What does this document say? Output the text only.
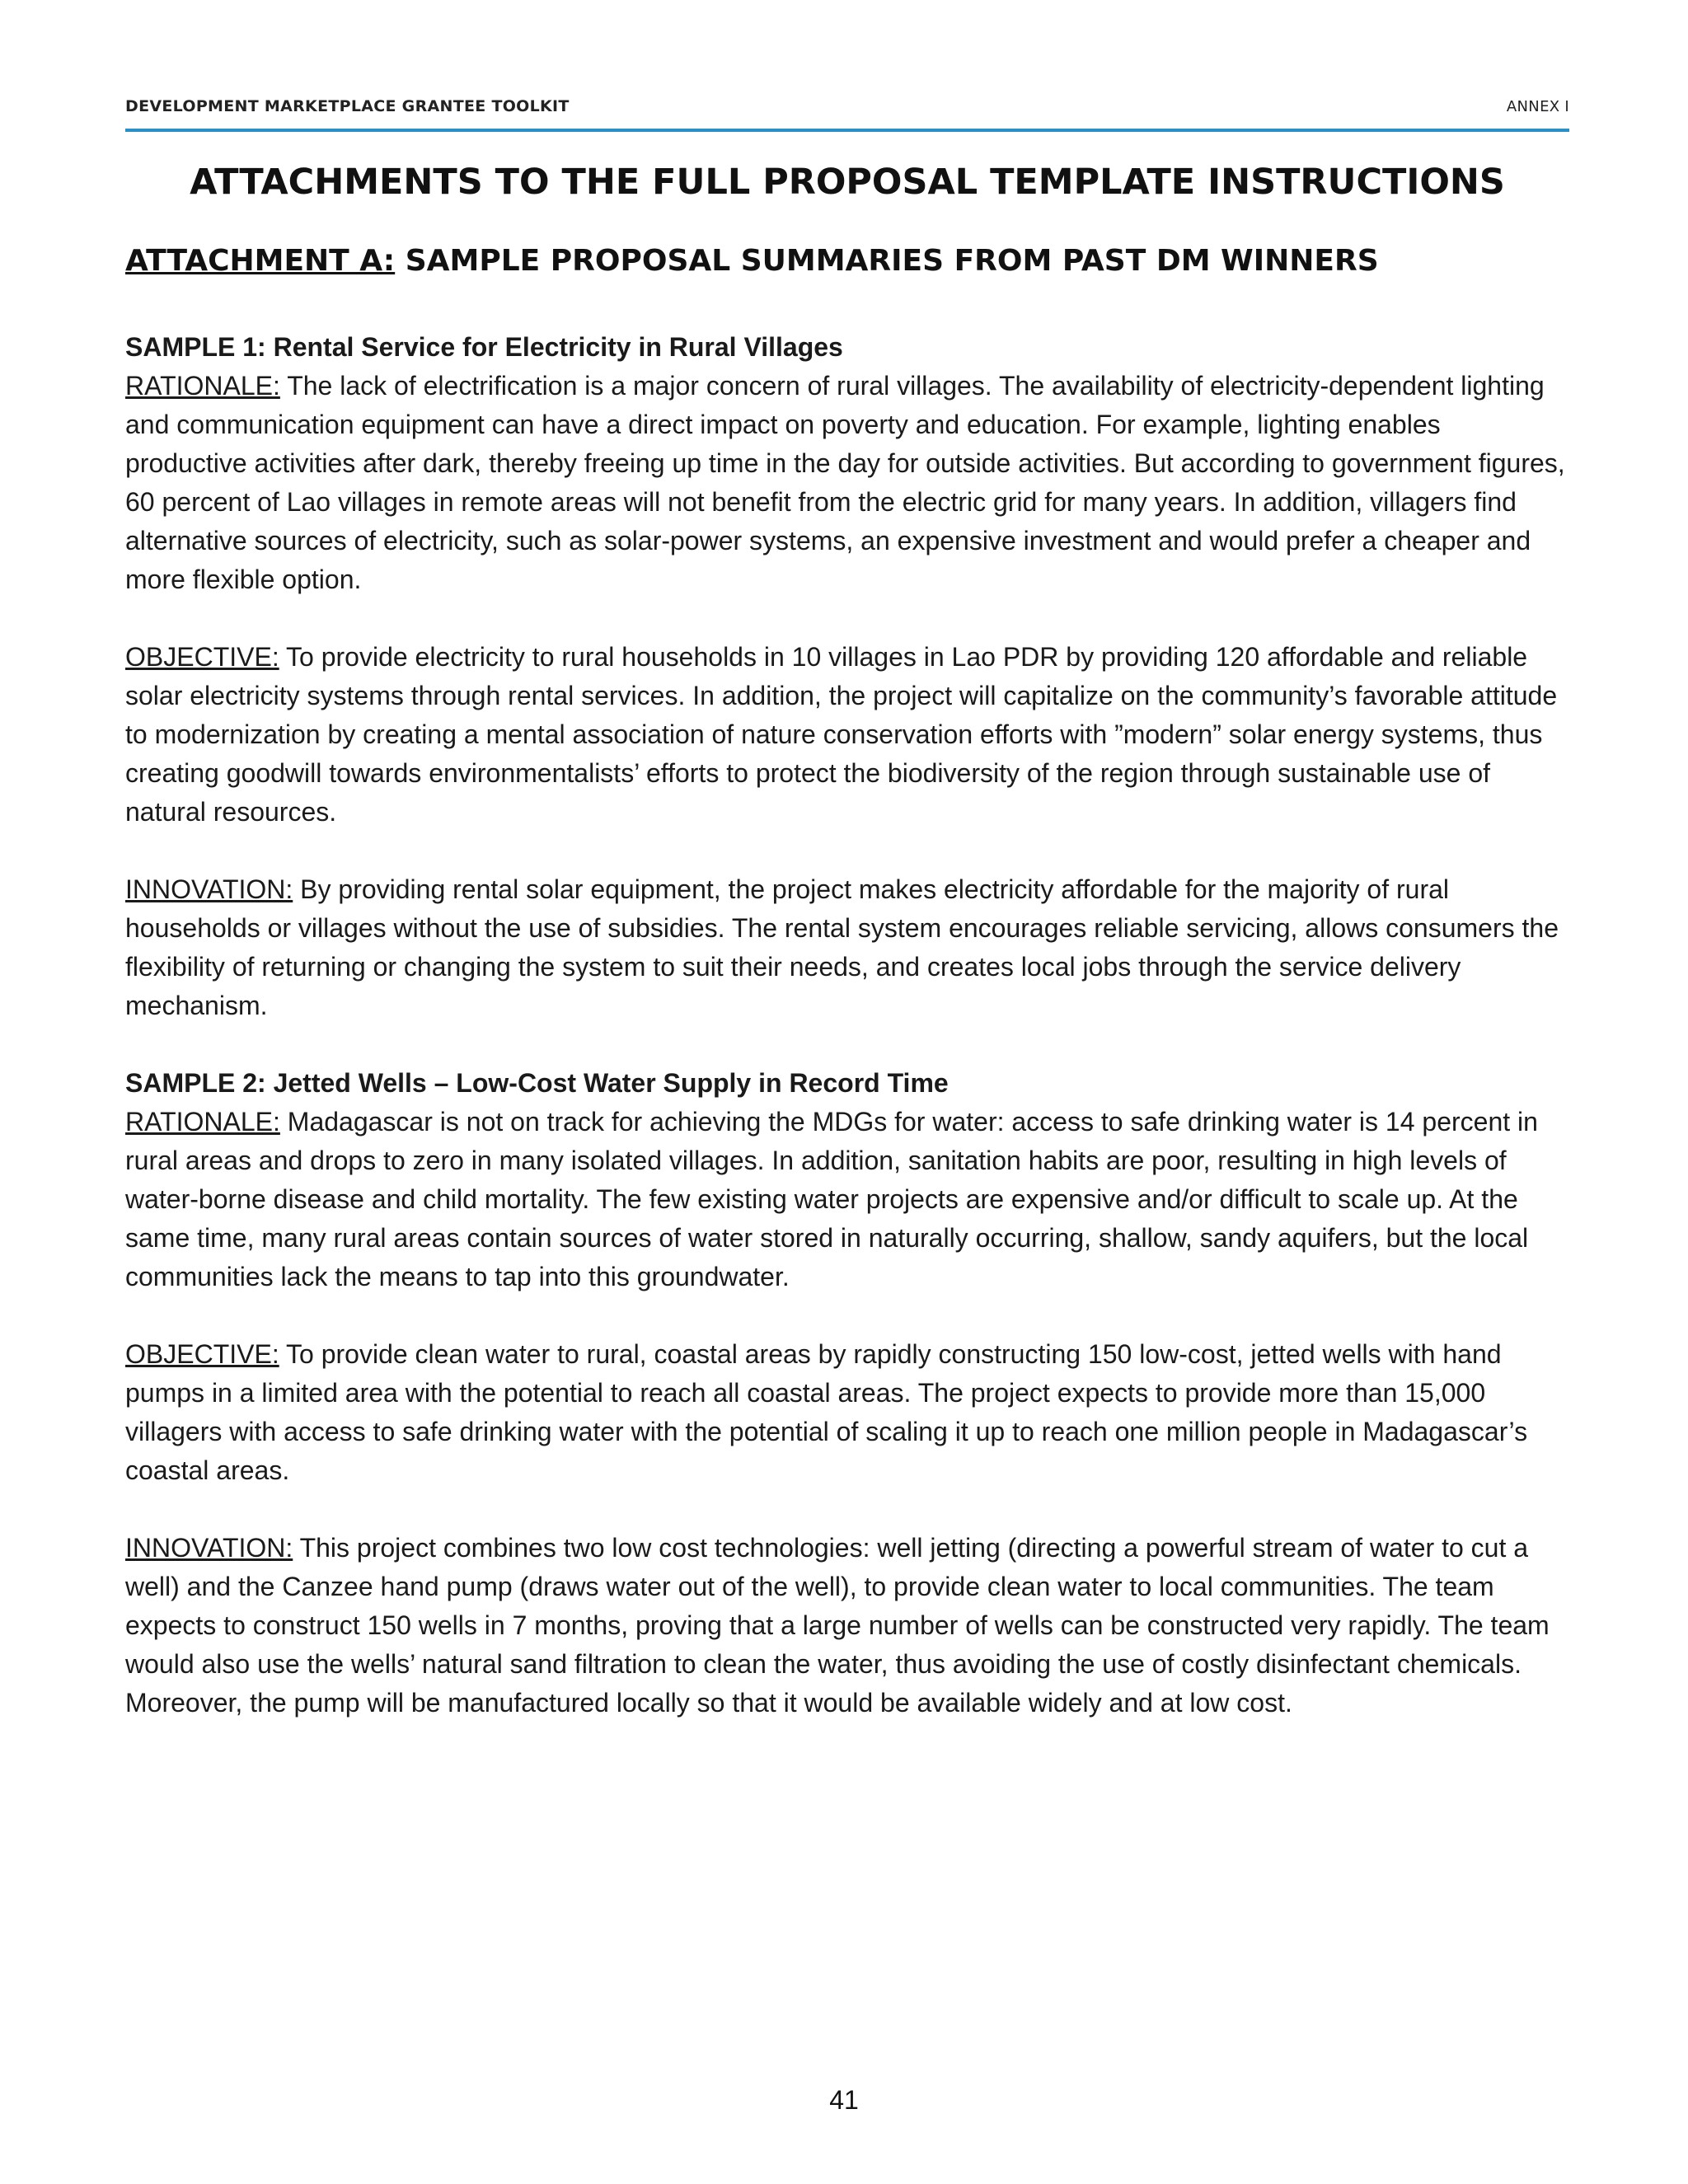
DEVELOPMENT MARKETPLACE GRANTEE TOOLKIT	ANNEX I
ATTACHMENTS TO THE FULL PROPOSAL TEMPLATE INSTRUCTIONS
ATTACHMENT A: SAMPLE PROPOSAL SUMMARIES FROM PAST DM WINNERS

SAMPLE 1: Rental Service for Electricity in Rural Villages

RATIONALE: The lack of electrification is a major concern of rural villages. The availability of electricity-dependent lighting and communication equipment can have a direct impact on poverty and education. For example, lighting enables productive activities after dark, thereby freeing up time in the day for outside activities. But according to government figures, 60 percent of Lao villages in remote areas will not benefit from the electric grid for many years. In addition, villagers find alternative sources of electricity, such as solar-power systems, an expensive investment and would prefer a cheaper and more flexible option.

OBJECTIVE: To provide electricity to rural households in 10 villages in Lao PDR by providing 120 affordable and reliable solar electricity systems through rental services. In addition, the project will capitalize on the community’s favorable attitude to modernization by creating a mental association of nature conservation efforts with ”modern” solar energy systems, thus creating goodwill towards environmentalists’ efforts to protect the biodiversity of the region through sustainable use of natural resources.

INNOVATION: By providing rental solar equipment, the project makes electricity affordable for the majority of rural households or villages without the use of subsidies. The rental system encourages reliable servicing, allows consumers the flexibility of returning or changing the system to suit their needs, and creates local jobs through the service delivery mechanism.

SAMPLE 2: Jetted Wells – Low-Cost Water Supply in Record Time

RATIONALE: Madagascar is not on track for achieving the MDGs for water: access to safe drinking water is 14 percent in rural areas and drops to zero in many isolated villages. In addition, sanitation habits are poor, resulting in high levels of water-borne disease and child mortality. The few existing water projects are expensive and/or difficult to scale up. At the same time, many rural areas contain sources of water stored in naturally occurring, shallow, sandy aquifers, but the local communities lack the means to tap into this groundwater.

OBJECTIVE: To provide clean water to rural, coastal areas by rapidly constructing 150 low-cost, jetted wells with hand pumps in a limited area with the potential to reach all coastal areas. The project expects to provide more than 15,000 villagers with access to safe drinking water with the potential of scaling it up to reach one million people in Madagascar’s coastal areas.

INNOVATION: This project combines two low cost technologies: well jetting (directing a powerful stream of water to cut a well) and the Canzee hand pump (draws water out of the well), to provide clean water to local communities. The team expects to construct 150 wells in 7 months, proving that a large number of wells can be constructed very rapidly. The team would also use the wells’ natural sand filtration to clean the water, thus avoiding the use of costly disinfectant chemicals. Moreover, the pump will be manufactured locally so that it would be available widely and at low cost.

41
